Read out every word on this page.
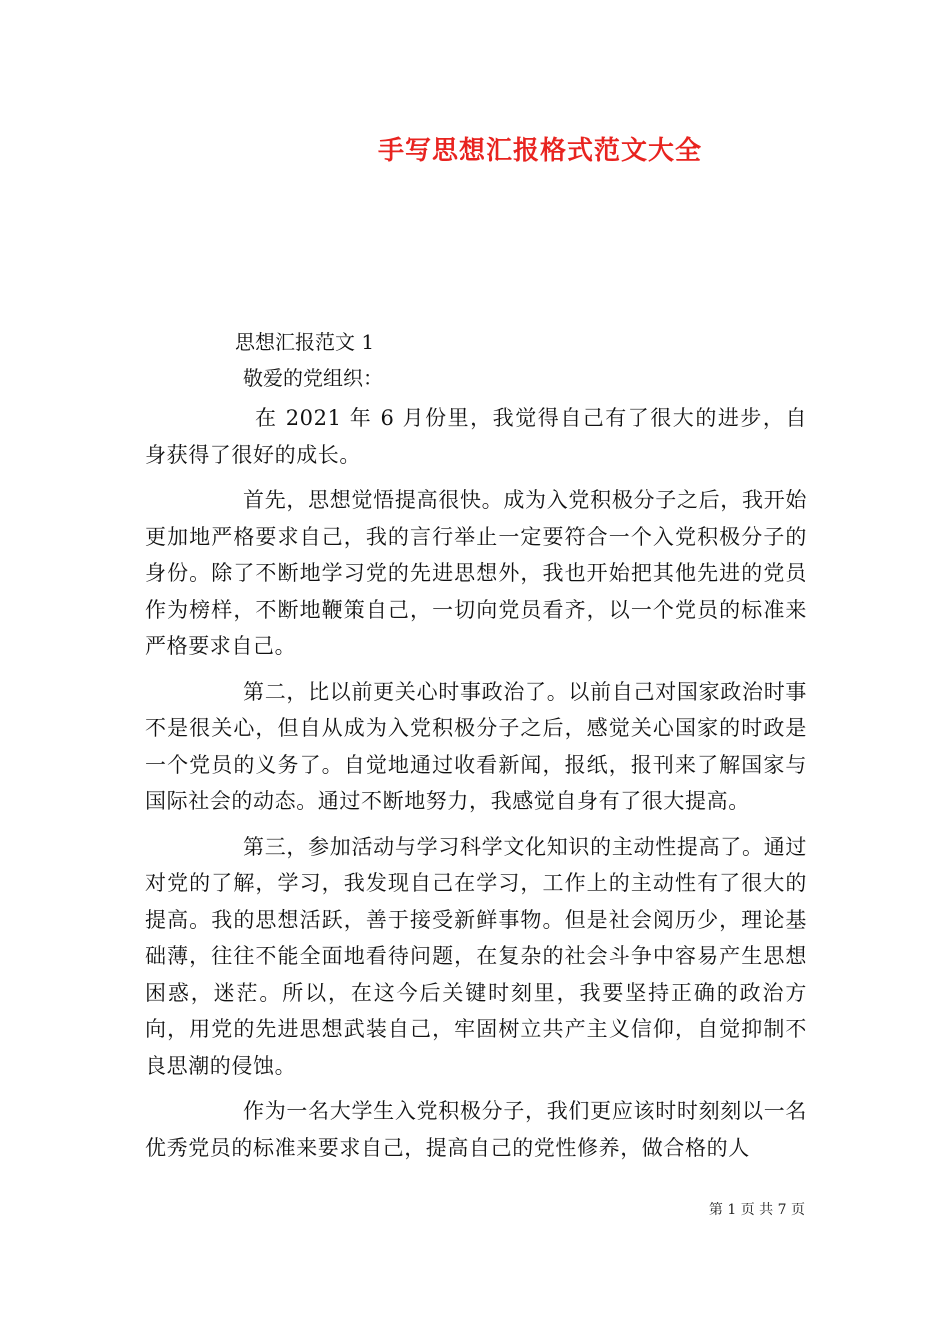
手写思想汇报格式范文大全

思想汇报范文 1

敬爱的党组织：

在 2021 年 6 月份里，我觉得自己有了很大的进步，自身获得了很好的成长。

首先，思想觉悟提高很快。成为入党积极分子之后，我开始更加地严格要求自己，我的言行举止一定要符合一个入党积极分子的身份。除了不断地学习党的先进思想外，我也开始把其他先进的党员作为榜样，不断地鞭策自己，一切向党员看齐，以一个党员的标准来严格要求自己。

第二，比以前更关心时事政治了。以前自己对国家政治时事不是很关心，但自从成为入党积极分子之后，感觉关心国家的时政是一个党员的义务了。自觉地通过收看新闻，报纸，报刊来了解国家与国际社会的动态。通过不断地努力，我感觉自身有了很大提高。

第三，参加活动与学习科学文化知识的主动性提高了。通过对党的了解，学习，我发现自己在学习，工作上的主动性有了很大的提高。我的思想活跃，善于接受新鲜事物。但是社会阅历少，理论基础薄，往往不能全面地看待问题，在复杂的社会斗争中容易产生思想困惑，迷茫。所以，在这今后关键时刻里，我要坚持正确的政治方向，用党的先进思想武装自己，牢固树立共产主义信仰，自觉抑制不良思潮的侵蚀。

作为一名大学生入党积极分子，我们更应该时时刻刻以一名优秀党员的标准来要求自己，提高自己的党性修养，做合格的人

第 1 页 共 7 页
